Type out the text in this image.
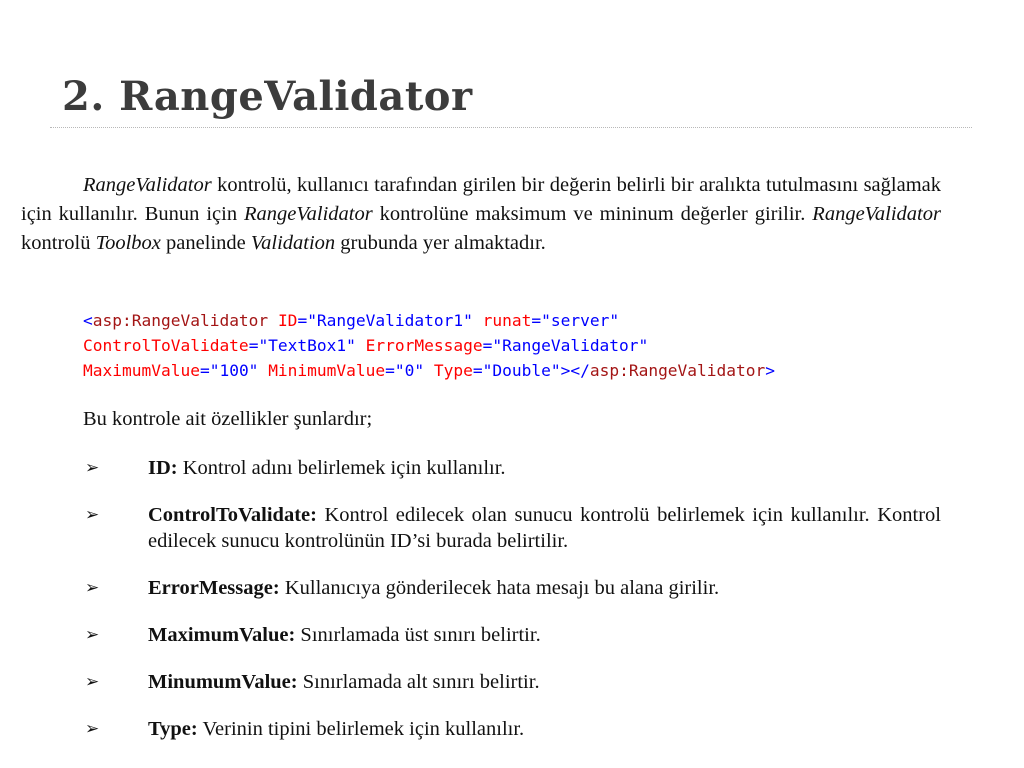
2. RangeValidator

RangeValidator kontrolü, kullanıcı tarafından girilen bir değerin belirli bir aralıkta tutulmasını sağlamak için kullanılır. Bunun için RangeValidator kontrolüne maksimum ve mininum değerler girilir. RangeValidator kontrolü Toolbox panelinde Validation grubunda yer almaktadır.

<asp:RangeValidator ID="RangeValidator1" runat="server"
ControlToValidate="TextBox1" ErrorMessage="RangeValidator"
MaximumValue="100" MinimumValue="0" Type="Double"></asp:RangeValidator>

Bu kontrole ait özellikler şunlardır;

➢ ID: Kontrol adını belirlemek için kullanılır.
➢ ControlToValidate: Kontrol edilecek olan sunucu kontrolü belirlemek için kullanılır. Kontrol edilecek sunucu kontrolünün ID’si burada belirtilir.
➢ ErrorMessage: Kullanıcıya gönderilecek hata mesajı bu alana girilir.
➢ MaximumValue: Sınırlamada üst sınırı belirtir.
➢ MinumumValue: Sınırlamada alt sınırı belirtir.
➢ Type: Verinin tipini belirlemek için kullanılır.
